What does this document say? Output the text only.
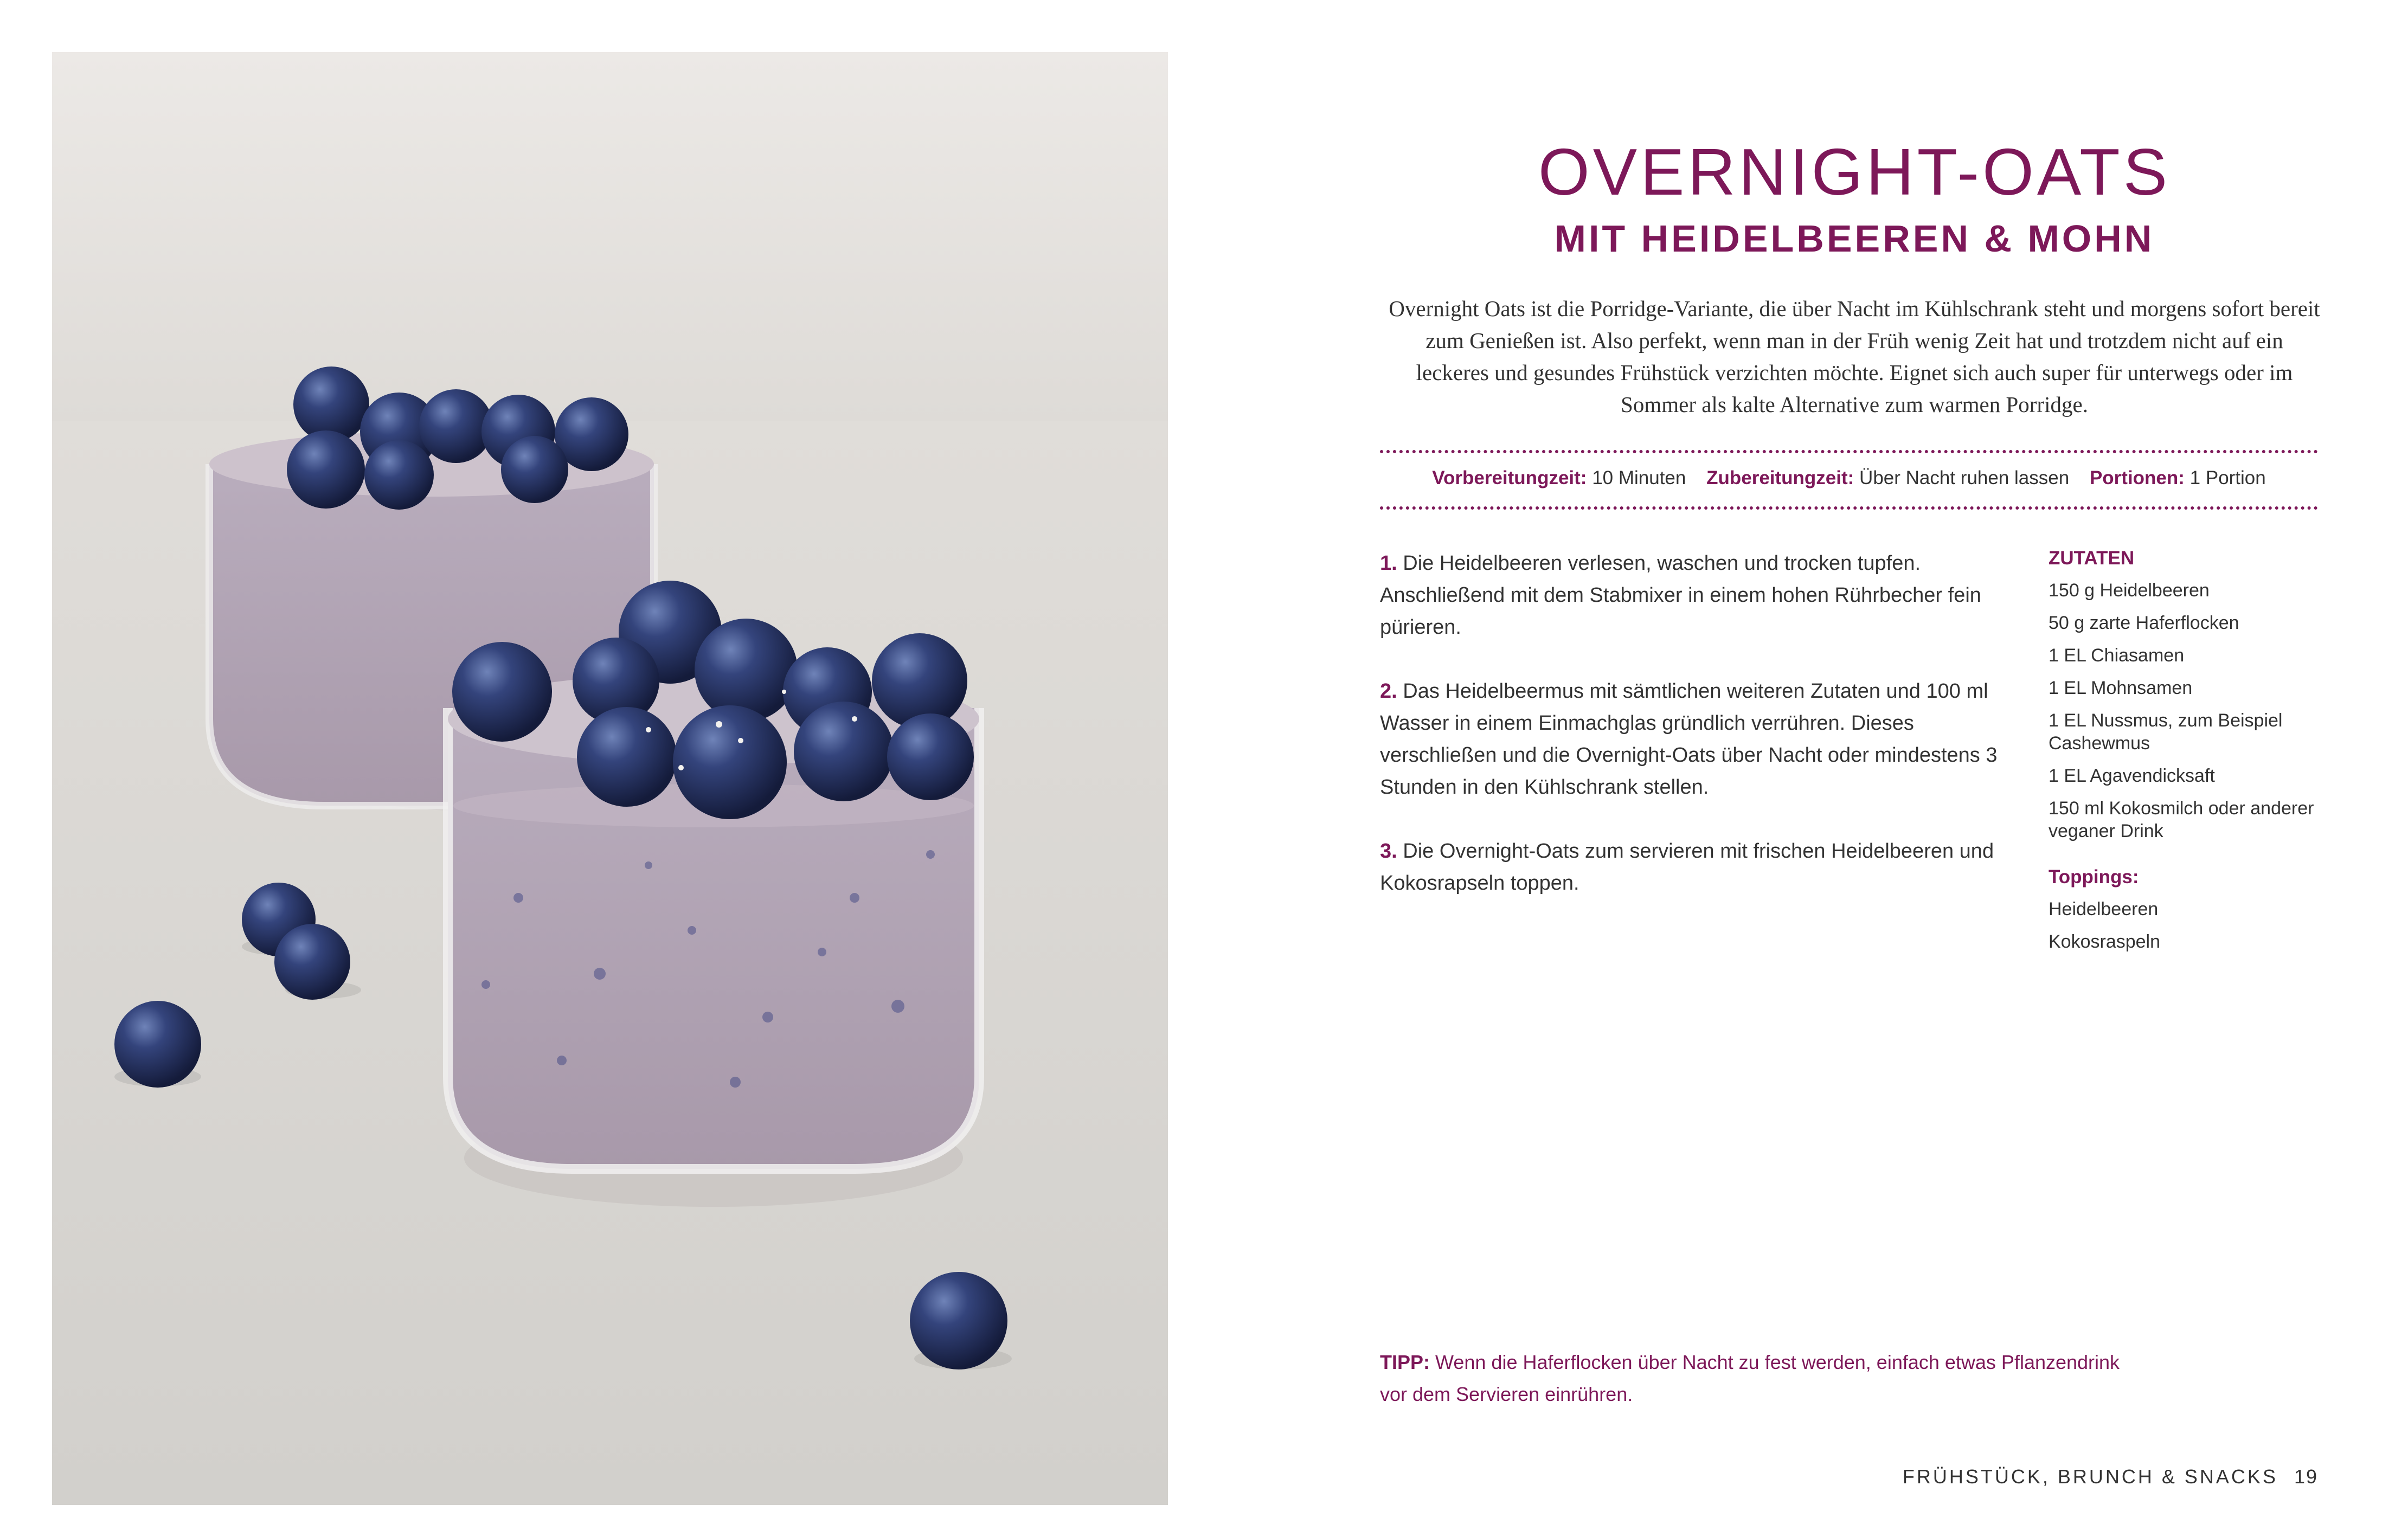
OVERNIGHT-OATS
MIT HEIDELBEEREN & MOHN

Overnight Oats ist die Porridge-Variante, die über Nacht im Kühlschrank steht und morgens sofort bereit zum Genießen ist. Also perfekt, wenn man in der Früh wenig Zeit hat und trotzdem nicht auf ein leckeres und gesundes Frühstück verzichten möchte. Eignet sich auch super für unterwegs oder im Sommer als kalte Alternative zum warmen Porridge.

Vorbereitungzeit: 10 Minuten Zubereitungzeit: Über Nacht ruhen lassen Portionen: 1 Portion

1. Die Heidelbeeren verlesen, waschen und trocken tupfen. Anschließend mit dem Stabmixer in einem hohen Rührbecher fein pürieren.

2. Das Heidelbeermus mit sämtlichen weiteren Zutaten und 100 ml Wasser in einem Einmachglas gründlich verrühren. Dieses verschließen und die Overnight-Oats über Nacht oder mindestens 3 Stunden in den Kühlschrank stellen.

3. Die Overnight-Oats zum servieren mit frischen Heidelbeeren und Kokosrapseln toppen.

ZUTATEN
150 g Heidelbeeren
50 g zarte Haferflocken
1 EL Chiasamen
1 EL Mohnsamen
1 EL Nussmus, zum Beispiel Cashewmus
1 EL Agavendicksaft
150 ml Kokosmilch oder anderer veganer Drink
Toppings:
Heidelbeeren
Kokosraspeln
TIPP: Wenn die Haferflocken über Nacht zu fest werden, einfach etwas Pflanzendrink vor dem Servieren einrühren.
FRÜHSTÜCK, BRUNCH & SNACKS 19
